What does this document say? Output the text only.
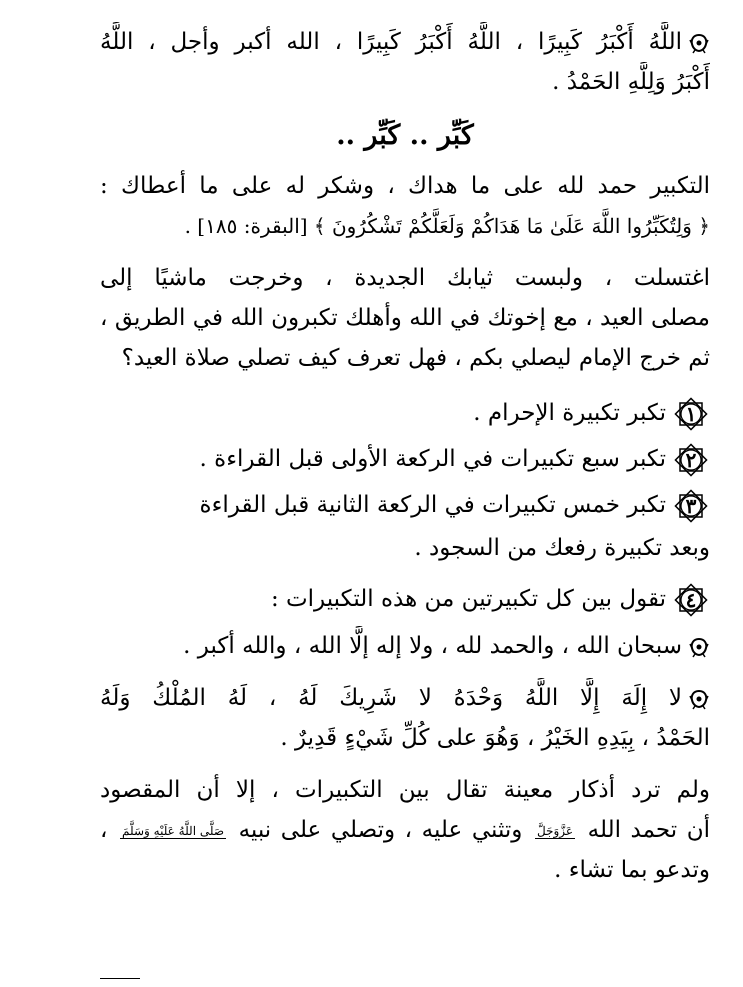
اللَّهُ أَكْبَرُ كَبِيرًا ، اللَّهُ أَكْبَرُ كَبِيرًا ، الله أكبر وأجل ، اللَّهُ
أَكْبَرُ وَلِلَّهِ الحَمْدُ .
كَبِّر .. كَبِّر ..
التكبير حمد لله على ما هداك ، وشكر له على ما أعطاك :
﴿ وَلِتُكَبِّرُوا اللَّهَ عَلَىٰ مَا هَدَاكُمْ وَلَعَلَّكُمْ تَشْكُرُونَ ﴾ [البقرة: ١٨٥] .
اغتسلت ، ولبست ثيابك الجديدة ، وخرجت ماشيًا إلى
مصلى العيد ، مع إخوتك في الله وأهلك تكبرون الله في الطريق ،
ثم خرج الإمام ليصلي بكم ، فهل تعرف كيف تصلي صلاة العيد؟
١
تكبر تكبيرة الإحرام .
٢
تكبر سبع تكبيرات في الركعة الأولى قبل القراءة .
٣
تكبر خمس تكبيرات في الركعة الثانية قبل القراءة
وبعد تكبيرة رفعك من السجود .
٤
تقول بين كل تكبيرتين من هذه التكبيرات :
سبحان الله ، والحمد لله ، ولا إله إلَّا الله ، والله أكبر .
لا إِلَهَ إِلَّا اللَّهُ وَحْدَهُ لا شَرِيكَ لَهُ ، لَهُ المُلْكُ وَلَهُ
الحَمْدُ ، بِيَدِهِ الخَيْرُ ، وَهُوَ على كُلِّ شَيْءٍ قَدِيرٌ .
ولم ترد أذكار معينة تقال بين التكبيرات ، إلا أن المقصود
أن تحمد الله عَزَّوَجَلَّ وتثني عليه ، وتصلي على نبيه صَلَّى اللَّهُ عَلَيْهِ وَسَلَّمَ ،
وتدعو بما تشاء .
